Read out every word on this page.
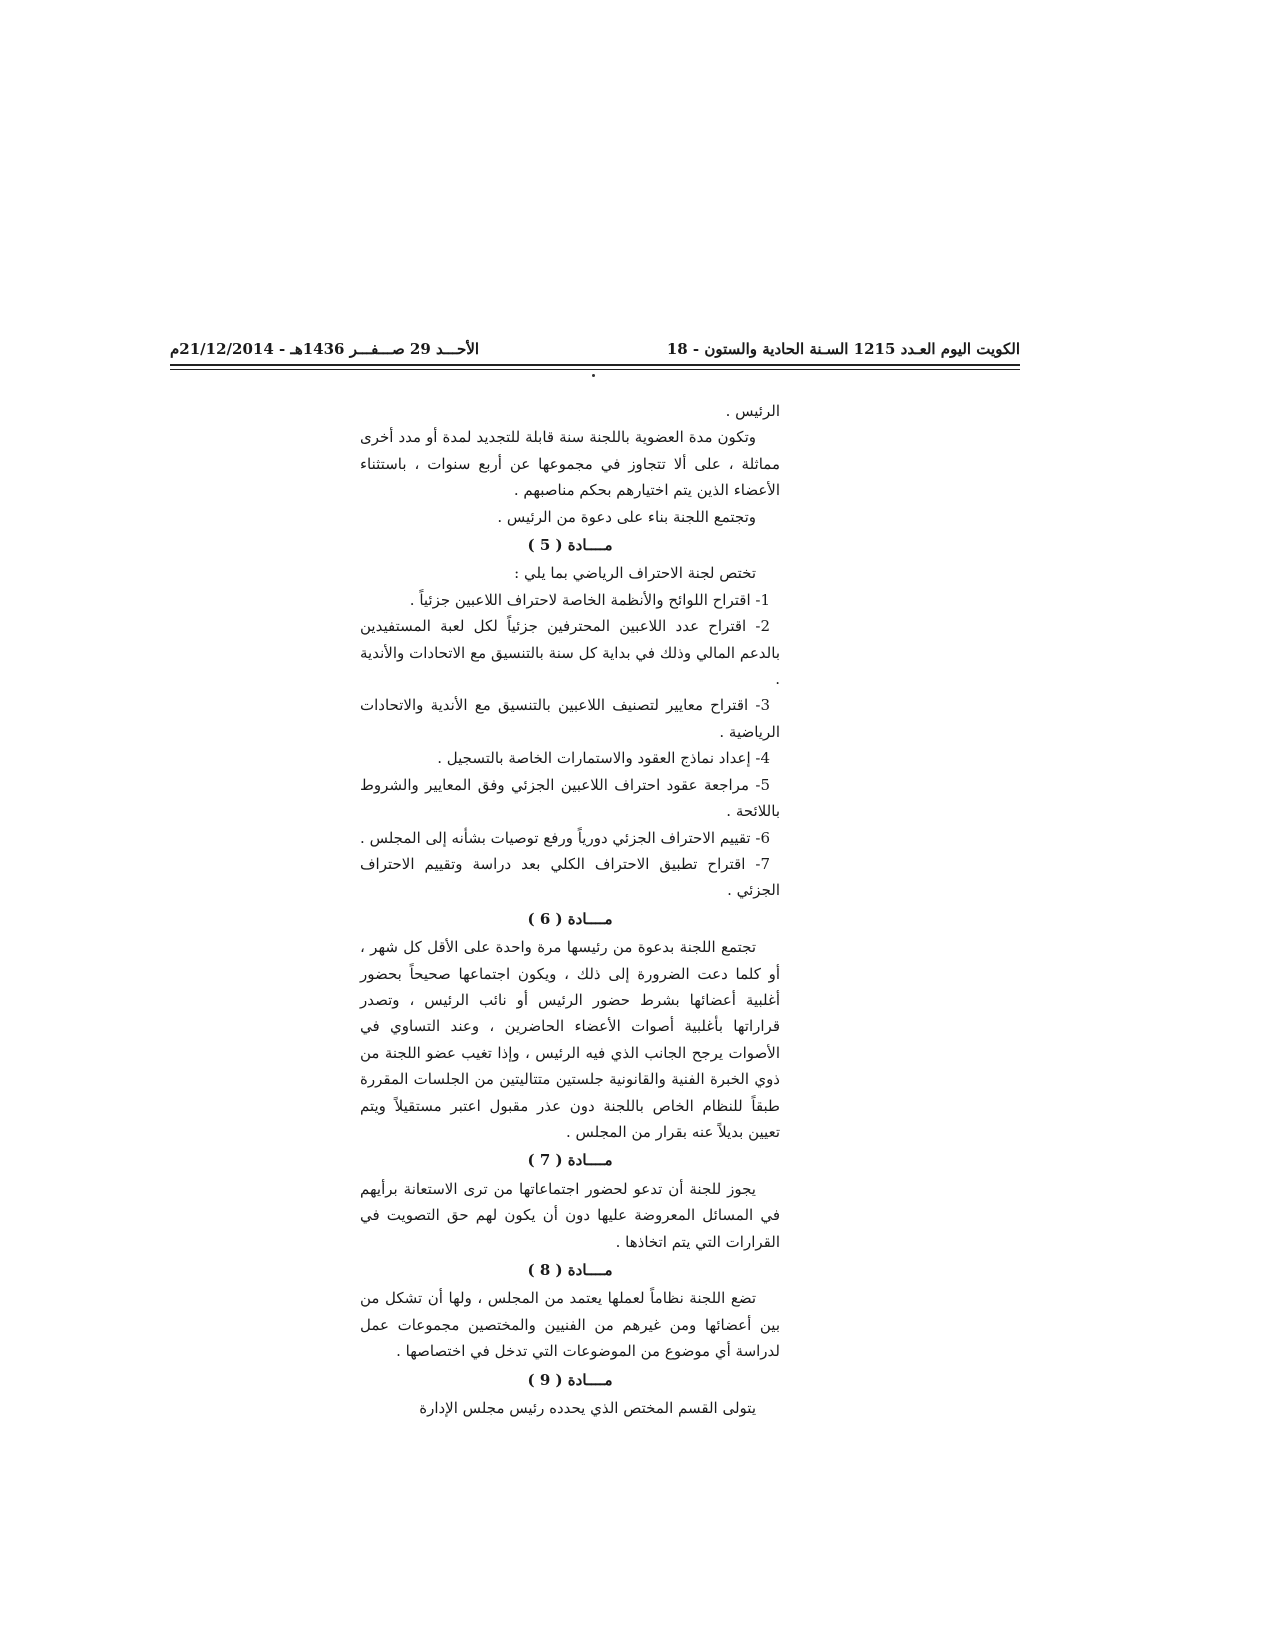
الكويت اليوم العـدد 1215 السـنة الحادية والستون - 18
الأحـــد 29 صـــفـــر 1436هـ - 21/12/2014م

الرئيس .

وتكون مدة العضوية باللجنة سنة قابلة للتجديد لمدة أو مدد أخرى مماثلة ، على ألا تتجاوز في مجموعها عن أربع سنوات ، باستثناء الأعضاء الذين يتم اختيارهم بحكم مناصبهم .

وتجتمع اللجنة بناء على دعوة من الرئيس .

مــــادة ( 5 )

تختص لجنة الاحتراف الرياضي بما يلي :

1- اقتراح اللوائح والأنظمة الخاصة لاحتراف اللاعبين جزئياً .

2- اقتراح عدد اللاعبين المحترفين جزئياً لكل لعبة المستفيدين بالدعم المالي وذلك في بداية كل سنة بالتنسيق مع الاتحادات والأندية .

3- اقتراح معايير لتصنيف اللاعبين بالتنسيق مع الأندية والاتحادات الرياضية .

4- إعداد نماذج العقود والاستمارات الخاصة بالتسجيل .

5- مراجعة عقود احتراف اللاعبين الجزئي وفق المعايير والشروط باللائحة .

6- تقييم الاحتراف الجزئي دورياً ورفع توصيات بشأنه إلى المجلس .

7- اقتراح تطبيق الاحتراف الكلي بعد دراسة وتقييم الاحتراف الجزئي .

مــــادة ( 6 )

تجتمع اللجنة بدعوة من رئيسها مرة واحدة على الأقل كل شهر ، أو كلما دعت الضرورة إلى ذلك ، ويكون اجتماعها صحيحاً بحضور أغلبية أعضائها بشرط حضور الرئيس أو نائب الرئيس ، وتصدر قراراتها بأغلبية أصوات الأعضاء الحاضرين ، وعند التساوي في الأصوات يرجح الجانب الذي فيه الرئيس ، وإذا تغيب عضو اللجنة من ذوي الخبرة الفنية والقانونية جلستين متتاليتين من الجلسات المقررة طبقاً للنظام الخاص باللجنة دون عذر مقبول اعتبر مستقيلاً ويتم تعيين بديلاً عنه بقرار من المجلس .

مــــادة ( 7 )

يجوز للجنة أن تدعو لحضور اجتماعاتها من ترى الاستعانة برأيهم في المسائل المعروضة عليها دون أن يكون لهم حق التصويت في القرارات التي يتم اتخاذها .

مــــادة ( 8 )

تضع اللجنة نظاماً لعملها يعتمد من المجلس ، ولها أن تشكل من بين أعضائها ومن غيرهم من الفنيين والمختصين مجموعات عمل لدراسة أي موضوع من الموضوعات التي تدخل في اختصاصها .

مــــادة ( 9 )

يتولى القسم المختص الذي يحدده رئيس مجلس الإدارة
